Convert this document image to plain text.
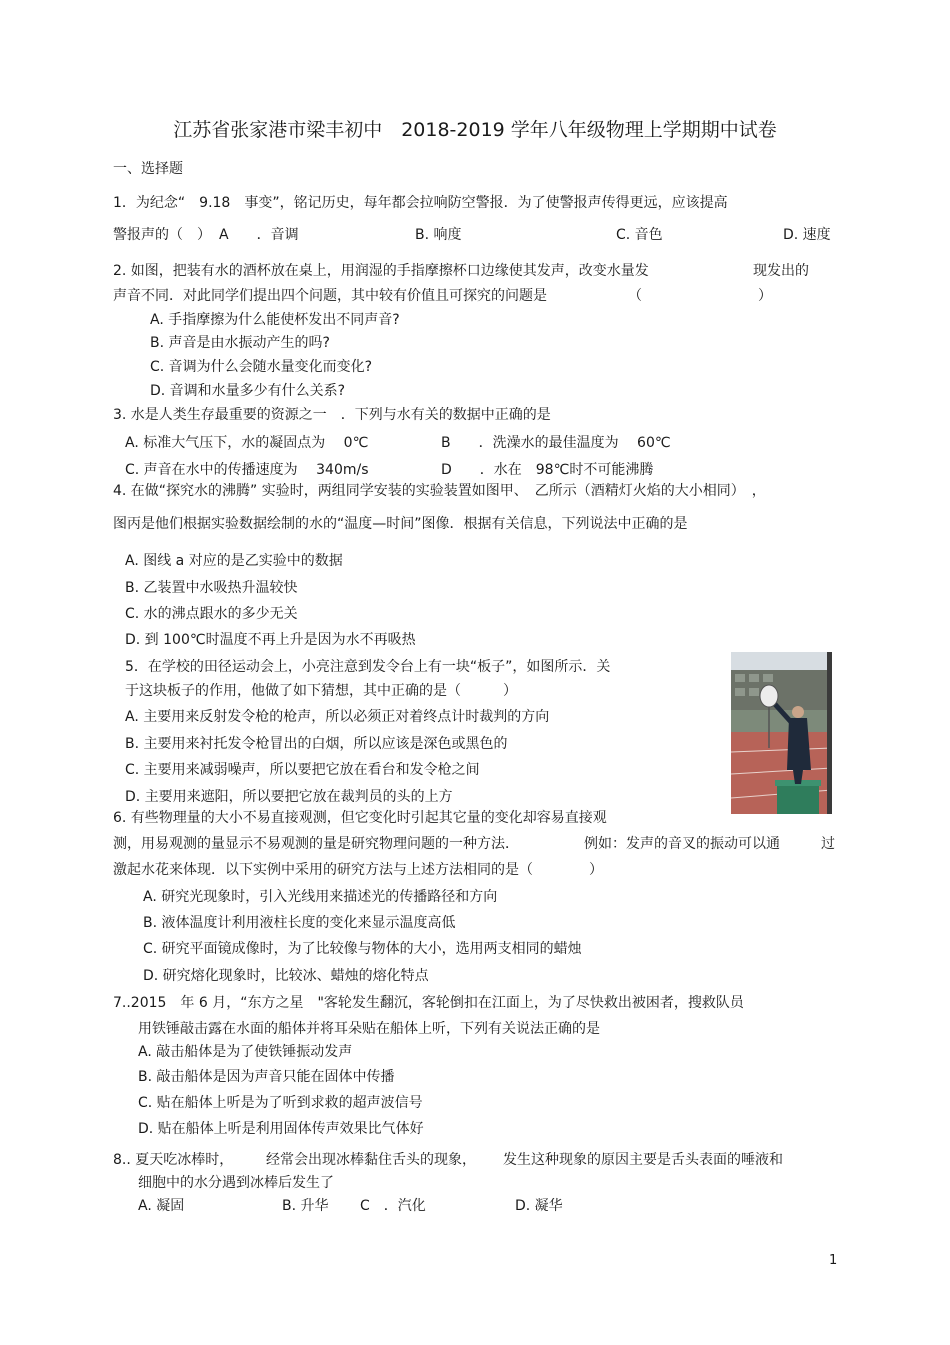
江苏省张家港市梁丰初中　2018-2019 学年八年级物理上学期期中试卷
一、选择题
1．为纪念“　9.18　事变”，铭记历史，每年都会拉响防空警报．为了使警报声传得更远，应该提高
警报声的（　） A　　．音调	B. 响度	C. 音色	D. 速度
2. 如图，把装有水的酒杯放在桌上，用润湿的手指摩擦杯口边缘使其发声，改变水量发	现发出的
声音不同．对此同学们提出四个问题，其中较有价值且可探究的问题是	（	）
A. 手指摩擦为什么能使杯发出不同声音?
B. 声音是由水振动产生的吗?
C. 音调为什么会随水量变化而变化?
D. 音调和水量多少有什么关系?
3. 水是人类生存最重要的资源之一　．下列与水有关的数据中正确的是
A. 标准大气压下，水的凝固点为　 0℃	B　　．洗澡水的最佳温度为　 60℃
C. 声音在水中的传播速度为　 340m/s	D　　．水在　98℃时不可能沸腾
4. 在做“探究水的沸腾” 实验时，两组同学安装的实验装置如图甲、　乙所示（酒精灯火焰的大小相同）　，
图丙是他们根据实验数据绘制的水的“温度—时间”图像．根据有关信息，下列说法中正确的是
A. 图线 a 对应的是乙实验中的数据
B. 乙装置中水吸热升温较快
C. 水的沸点跟水的多少无关
D. 到 100℃时温度不再上升是因为水不再吸热
5．在学校的田径运动会上，小亮注意到发令台上有一块“板子”，如图所示．关
于这块板子的作用，他做了如下猜想，其中正确的是（　　　）
A. 主要用来反射发令枪的枪声，所以必须正对着终点计时裁判的方向
B. 主要用来衬托发令枪冒出的白烟，所以应该是深色或黑色的
C. 主要用来减弱噪声，所以要把它放在看台和发令枪之间
D. 主要用来遮阳，所以要把它放在裁判员的头的上方
6. 有些物理量的大小不易直接观测，但它变化时引起其它量的变化却容易直接观
测，用易观测的量显示不易观测的量是研究物理问题的一种方法．	例如：发声的音叉的振动可以通	过
激起水花来体现．以下实例中采用的研究方法与上述方法相同的是（　　　　）
A. 研究光现象时，引入光线用来描述光的传播路径和方向
B. 液体温度计利用液柱长度的变化来显示温度高低
C. 研究平面镜成像时，为了比较像与物体的大小，选用两支相同的蜡烛
D. 研究熔化现象时，比较冰、蜡烛的熔化特点
7..2015　年 6 月，“东方之星　"客轮发生翻沉，客轮倒扣在江面上，为了尽快救出被困者，搜救队员
用铁锤敲击露在水面的船体并将耳朵贴在船体上听，下列有关说法正确的是
A. 敲击船体是为了使铁锤振动发声
B. 敲击船体是因为声音只能在固体中传播
C. 贴在船体上听是为了听到求救的超声波信号
D. 贴在船体上听是利用固体传声效果比气体好
8.. 夏天吃冰棒时， 经常会出现冰棒黏住舌头的现象， 发生这种现象的原因主要是舌头表面的唾液和
细胞中的水分遇到冰棒后发生了
A. 凝固	B. 升华 C　．汽化	D. 凝华
1
